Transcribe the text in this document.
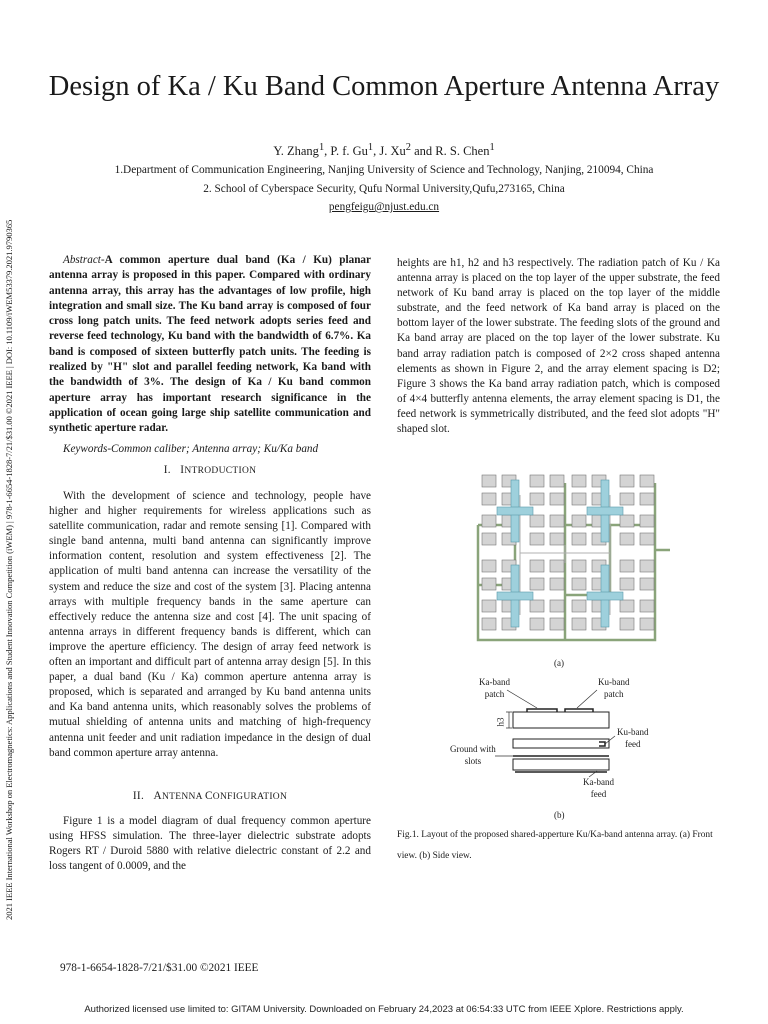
2021 IEEE International Workshop on Electromagnetics: Applications and Student Innovation Competition (iWEM) | 978-1-6654-1828-7/21/$31.00 ©2021 IEEE | DOI: 10.1109/iWEM53379.2021.9790365
Design of Ka / Ku Band Common Aperture Antenna Array
Y. Zhang$^1$, P. f. Gu$^1$, J. Xu$^2$ and R. S. Chen$^1$
1.Department of Communication Engineering, Nanjing University of Science and Technology, Nanjing, 210094, China
2. School of Cyberspace Security, Qufu Normal University,Qufu,273165, China
pengfeigu@njust.edu.cn
Abstract-A common aperture dual band (Ka / Ku) planar antenna array is proposed in this paper. Compared with ordinary antenna array, this array has the advantages of low profile, high integration and small size. The Ku band array is composed of four cross long patch units. The feed network adopts series feed and reverse feed technology, Ku band with the bandwidth of 6.7%. Ka band is composed of sixteen butterfly patch units. The feeding is realized by "H" slot and parallel feeding network, Ka band with the bandwidth of 3%. The design of Ka / Ku band common aperture array has important research significance in the application of ocean going large ship satellite communication and synthetic aperture radar.
Keywords-Common caliber; Antenna array; Ku/Ka band
I. INTRODUCTION
With the development of science and technology, people have higher and higher requirements for wireless applications such as satellite communication, radar and remote sensing [1]. Compared with single band antenna, multi band antenna can significantly improve information content, resolution and system effectiveness [2]. The application of multi band antenna can increase the versatility of the system and reduce the size and cost of the system [3]. Placing antenna arrays with multiple frequency bands in the same aperture can effectively reduce the antenna size and cost [4]. The unit spacing of antenna arrays in different frequency bands is different, which can improve the aperture efficiency. The design of array feed network is often an important and difficult part of antenna array design [5]. In this paper, a dual band (Ku / Ka) common aperture antenna array is proposed, which is separated and arranged by Ku band antenna units and Ka band antenna units, which reasonably solves the problems of mutual shielding of antenna units and matching of high-frequency antenna unit feeder and unit radiation impedance in the design of dual band common aperture array antenna.
II. ANTENNA CONFIGURATION
Figure 1 is a model diagram of dual frequency common aperture using HFSS simulation. The three-layer dielectric substrate adopts Rogers RT / Duroid 5880 with relative dielectric constant of 2.2 and loss tangent of 0.0009, and the
heights are h1, h2 and h3 respectively. The radiation patch of Ku / Ka antenna array is placed on the top layer of the upper substrate, the feed network of Ku band array is placed on the top layer of the middle substrate, and the feed network of Ka band array is placed on the bottom layer of the lower substrate. The feeding slots of the ground and Ka band array are placed on the top layer of the lower substrate. Ku band array radiation patch is composed of 2×2 cross shaped antenna elements as shown in Figure 2, and the array element spacing is D2; Figure 3 shows the Ka band array radiation patch, which is composed of 4×4 butterfly antenna elements, the array element spacing is D1, the feed network is symmetrically distributed, and the feed slot adopts "H" shaped slot.
(a)
Ka-band
patch
Ku-band
patch
Ku-band
feed
Ground with
slots
Ka-band
feed
h3
(b)
Fig.1. Layout of the proposed shared-apperture Ku/Ka-band antenna array. (a) Front view. (b) Side view.
978-1-6654-1828-7/21/$31.00 ©2021 IEEE
Authorized licensed use limited to: GITAM University. Downloaded on February 24,2023 at 06:54:33 UTC from IEEE Xplore. Restrictions apply.
